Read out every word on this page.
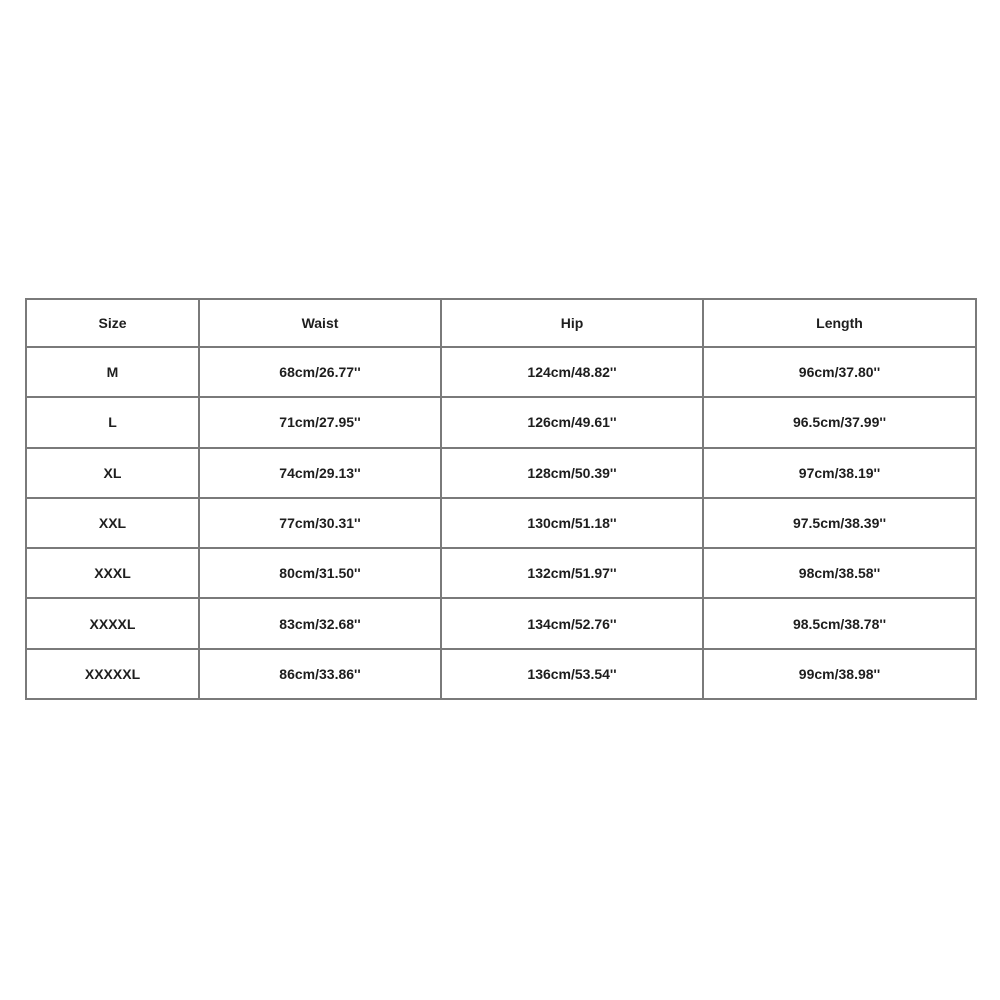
Size	Waist	Hip	Length
M	68cm/26.77''	124cm/48.82''	96cm/37.80''
L	71cm/27.95''	126cm/49.61''	96.5cm/37.99''
XL	74cm/29.13''	128cm/50.39''	97cm/38.19''
XXL	77cm/30.31''	130cm/51.18''	97.5cm/38.39''
XXXL	80cm/31.50''	132cm/51.97''	98cm/38.58''
XXXXL	83cm/32.68''	134cm/52.76''	98.5cm/38.78''
XXXXXL	86cm/33.86''	136cm/53.54''	99cm/38.98''
